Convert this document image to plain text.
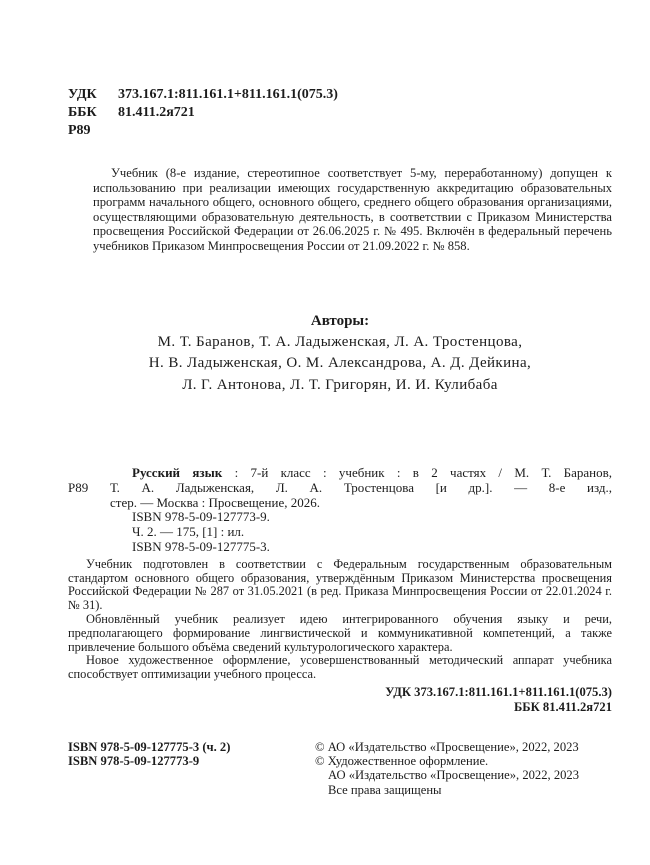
УДК 373.167.1:811.161.1+811.161.1(075.3)
ББК 81.411.2я721
Р89

Учебник (8-е издание, стереотипное соответствует 5-му, переработанному) допущен к использованию при реализации имеющих государственную аккредитацию образовательных программ начального общего, основного общего, среднего общего образования организациями, осуществляющими образовательную деятельность, в соответствии с Приказом Министерства просвещения Российской Федерации от 26.06.2025 г. № 495. Включён в федеральный перечень учебников Приказом Минпросвещения России от 21.09.2022 г. № 858.

Авторы:
М. Т. Баранов, Т. А. Ладыженская, Л. А. Тростенцова,
Н. В. Ладыженская, О. М. Александрова, А. Д. Дейкина,
Л. Г. Антонова, Л. Т. Григорян, И. И. Кулибаба
Русский язык : 7-й класс : учебник : в 2 частях / М. Т. Баранов,
Р89 Т. А. Ладыженская, Л. А. Тростенцова [и др.]. — 8-е изд.,
стер. — Москва : Просвещение, 2026.
ISBN 978-5-09-127773-9.
Ч. 2. — 175, [1] : ил.
ISBN 978-5-09-127775-3.

Учебник подготовлен в соответствии с Федеральным государственным образовательным стандартом основного общего образования, утверждённым Приказом Министерства просвещения Российской Федерации № 287 от 31.05.2021 (в ред. Приказа Минпросвещения России от 22.01.2024 г. № 31).

Обновлённый учебник реализует идею интегрированного обучения языку и речи, предполагающего формирование лингвистической и коммуникативной компетенций, а также привлечение большого объёма сведений культурологического характера.

Новое художественное оформление, усовершенствованный методический аппарат учебника способствует оптимизации учебного процесса.

УДК 373.167.1:811.161.1+811.161.1(075.3)
ББК 81.411.2я721
ISBN 978-5-09-127775-3 (ч. 2)
ISBN 978-5-09-127773-9
© АО «Издательство «Просвещение», 2022, 2023
© Художественное оформление.
АО «Издательство «Просвещение», 2022, 2023
Все права защищены
